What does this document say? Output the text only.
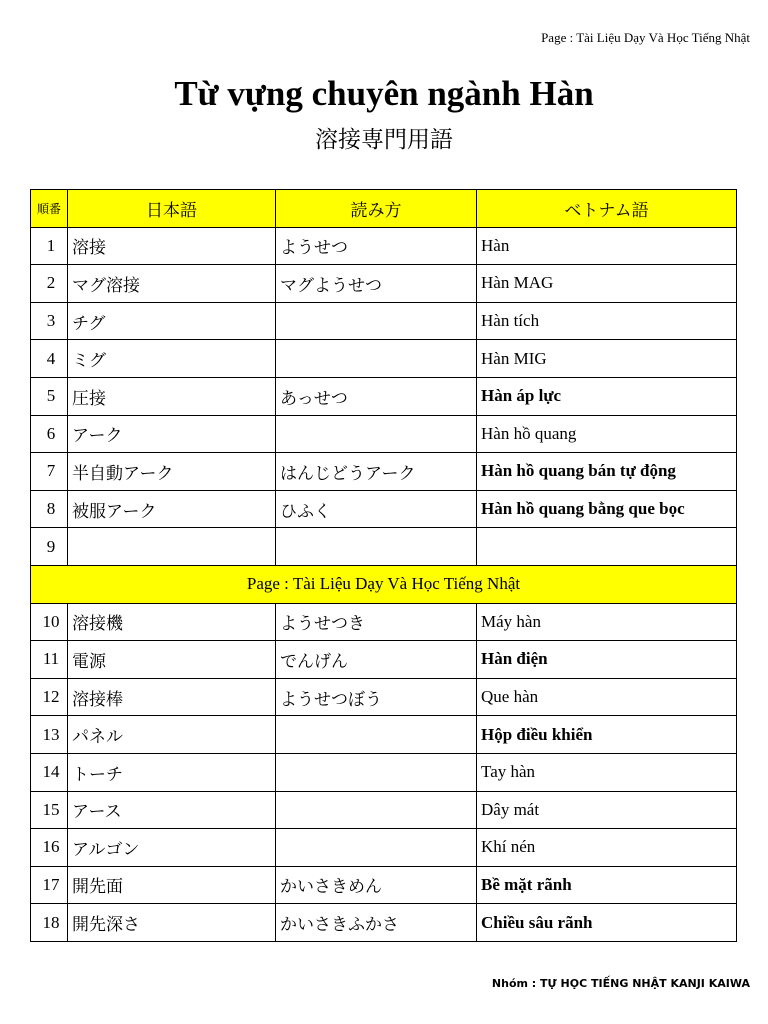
Page : Tài Liệu Dạy Và Học Tiếng Nhật
Từ vựng chuyên ngành Hàn
溶接専門用語
順番	日本語	読み方	ベトナム語
1	溶接	ようせつ	Hàn
2	マグ溶接	マグようせつ	Hàn MAG
3	チグ		Hàn tích
4	ミグ		Hàn MIG
5	圧接	あっせつ	Hàn áp lực
6	アーク		Hàn hồ quang
7	半自動アーク	はんじどうアーク	Hàn hồ quang bán tự động
8	被服アーク	ひふく	Hàn hồ quang bằng que bọc
9			
Page : Tài Liệu Dạy Và Học Tiếng Nhật			
10	溶接機	ようせつき	Máy hàn
11	電源	でんげん	Hàn điện
12	溶接棒	ようせつぼう	Que hàn
13	パネル		Hộp điều khiển
14	トーチ		Tay hàn
15	アース		Dây mát
16	アルゴン		Khí nén
17	開先面	かいさきめん	Bề mặt rãnh
18	開先深さ	かいさきふかさ	Chiều sâu rãnh
Nhóm : TỰ HỌC TIẾNG NHẬT KANJI KAIWA
